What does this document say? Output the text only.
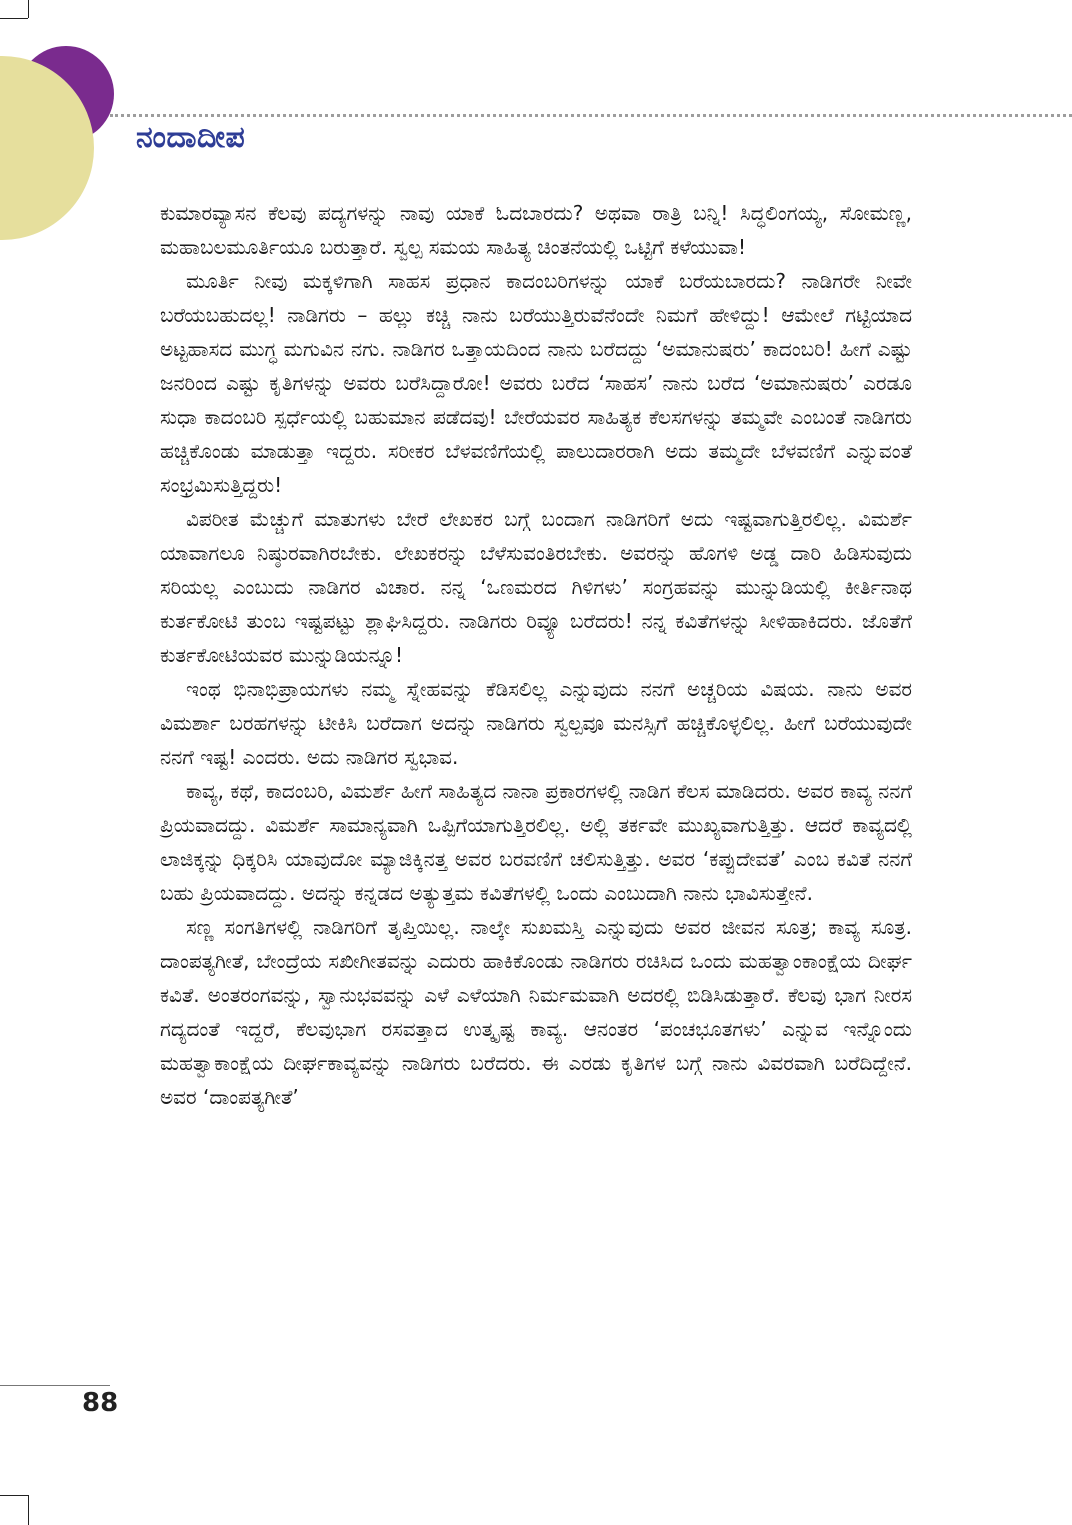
ನಂದಾದೀಪ

ಕುಮಾರವ್ಯಾಸನ ಕೆಲವು ಪದ್ಯಗಳನ್ನು ನಾವು ಯಾಕೆ ಓದಬಾರದು? ಅಥವಾ ರಾತ್ರಿ ಬನ್ನಿ! ಸಿದ್ಧಲಿಂಗಯ್ಯ, ಸೋಮಣ್ಣ, ಮಹಾಬಲಮೂರ್ತಿಯೂ ಬರುತ್ತಾರೆ. ಸ್ವಲ್ಪ ಸಮಯ ಸಾಹಿತ್ಯ ಚಿಂತನೆಯಲ್ಲಿ ಒಟ್ಟಿಗೆ ಕಳೆಯುವಾ!

ಮೂರ್ತಿ ನೀವು ಮಕ್ಕಳಿಗಾಗಿ ಸಾಹಸ ಪ್ರಧಾನ ಕಾದಂಬರಿಗಳನ್ನು ಯಾಕೆ ಬರೆಯಬಾರದು? ನಾಡಿಗರೇ ನೀವೇ ಬರೆಯಬಹುದಲ್ಲ! ನಾಡಿಗರು – ಹಲ್ಲು ಕಚ್ಚಿ ನಾನು ಬರೆಯುತ್ತಿರುವೆನೆಂದೇ ನಿಮಗೆ ಹೇಳಿದ್ದು! ಆಮೇಲೆ ಗಟ್ಟಿಯಾದ ಅಟ್ಟಹಾಸದ ಮುಗ್ಧ ಮಗುವಿನ ನಗು. ನಾಡಿಗರ ಒತ್ತಾಯದಿಂದ ನಾನು ಬರೆದದ್ದು ‘ಅಮಾನುಷರು’ ಕಾದಂಬರಿ! ಹೀಗೆ ಎಷ್ಟು ಜನರಿಂದ ಎಷ್ಟು ಕೃತಿಗಳನ್ನು ಅವರು ಬರೆಸಿದ್ದಾರೋ! ಅವರು ಬರೆದ ‘ಸಾಹಸ’ ನಾನು ಬರೆದ ‘ಅಮಾನುಷರು’ ಎರಡೂ ಸುಧಾ ಕಾದಂಬರಿ ಸ್ಪರ್ಧೆಯಲ್ಲಿ ಬಹುಮಾನ ಪಡೆದವು! ಬೇರೆಯವರ ಸಾಹಿತ್ಯಕ ಕೆಲಸಗಳನ್ನು ತಮ್ಮವೇ ಎಂಬಂತೆ ನಾಡಿಗರು ಹಚ್ಚಿಕೊಂಡು ಮಾಡುತ್ತಾ ಇದ್ದರು. ಸರೀಕರ ಬೆಳವಣಿಗೆಯಲ್ಲಿ ಪಾಲುದಾರರಾಗಿ ಅದು ತಮ್ಮದೇ ಬೆಳವಣಿಗೆ ಎನ್ನುವಂತೆ ಸಂಭ್ರಮಿಸುತ್ತಿದ್ದರು!

ವಿಪರೀತ ಮೆಚ್ಚುಗೆ ಮಾತುಗಳು ಬೇರೆ ಲೇಖಕರ ಬಗ್ಗೆ ಬಂದಾಗ ನಾಡಿಗರಿಗೆ ಅದು ಇಷ್ಟವಾಗುತ್ತಿರಲಿಲ್ಲ. ವಿಮರ್ಶೆ ಯಾವಾಗಲೂ ನಿಷ್ಠುರವಾಗಿರಬೇಕು. ಲೇಖಕರನ್ನು ಬೆಳೆಸುವಂತಿರಬೇಕು. ಅವರನ್ನು ಹೊಗಳಿ ಅಡ್ಡ ದಾರಿ ಹಿಡಿಸುವುದು ಸರಿಯಲ್ಲ ಎಂಬುದು ನಾಡಿಗರ ವಿಚಾರ. ನನ್ನ ‘ಒಣಮರದ ಗಿಳಿಗಳು’ ಸಂಗ್ರಹವನ್ನು ಮುನ್ನುಡಿಯಲ್ಲಿ ಕೀರ್ತಿನಾಥ ಕುರ್ತಕೋಟಿ ತುಂಬ ಇಷ್ಟಪಟ್ಟು ಶ್ಲಾಘಿಸಿದ್ದರು. ನಾಡಿಗರು ರಿವ್ಯೂ ಬರೆದರು! ನನ್ನ ಕವಿತೆಗಳನ್ನು ಸೀಳಿಹಾಕಿದರು. ಜೊತೆಗೆ ಕುರ್ತಕೋಟಿಯವರ ಮುನ್ನುಡಿಯನ್ನೂ!

ಇಂಥ ಭಿನಾಭಿಪ್ರಾಯಗಳು ನಮ್ಮ ಸ್ನೇಹವನ್ನು ಕೆಡಿಸಲಿಲ್ಲ ಎನ್ನುವುದು ನನಗೆ ಅಚ್ಚರಿಯ ವಿಷಯ. ನಾನು ಅವರ ವಿಮರ್ಶಾ ಬರಹಗಳನ್ನು ಟೀಕಿಸಿ ಬರೆದಾಗ ಅದನ್ನು ನಾಡಿಗರು ಸ್ವಲ್ಪವೂ ಮನಸ್ಸಿಗೆ ಹಚ್ಚಿಕೊಳ್ಳಲಿಲ್ಲ. ಹೀಗೆ ಬರೆಯುವುದೇ ನನಗೆ ಇಷ್ಟ! ಎಂದರು. ಅದು ನಾಡಿಗರ ಸ್ವಭಾವ.

ಕಾವ್ಯ, ಕಥೆ, ಕಾದಂಬರಿ, ವಿಮರ್ಶೆ ಹೀಗೆ ಸಾಹಿತ್ಯದ ನಾನಾ ಪ್ರಕಾರಗಳಲ್ಲಿ ನಾಡಿಗ ಕೆಲಸ ಮಾಡಿದರು. ಅವರ ಕಾವ್ಯ ನನಗೆ ಪ್ರಿಯವಾದದ್ದು. ವಿಮರ್ಶೆ ಸಾಮಾನ್ಯವಾಗಿ ಒಪ್ಪಿಗೆಯಾಗುತ್ತಿರಲಿಲ್ಲ. ಅಲ್ಲಿ ತರ್ಕವೇ ಮುಖ್ಯವಾಗುತ್ತಿತ್ತು. ಆದರೆ ಕಾವ್ಯದಲ್ಲಿ ಲಾಜಿಕ್ಕನ್ನು ಧಿಕ್ಕರಿಸಿ ಯಾವುದೋ ಮ್ಯಾಜಿಕ್ಕಿನತ್ತ ಅವರ ಬರವಣಿಗೆ ಚಲಿಸುತ್ತಿತ್ತು. ಅವರ ‘ಕಪ್ಪುದೇವತೆ’ ಎಂಬ ಕವಿತೆ ನನಗೆ ಬಹು ಪ್ರಿಯವಾದದ್ದು. ಅದನ್ನು ಕನ್ನಡದ ಅತ್ಯುತ್ತಮ ಕವಿತೆಗಳಲ್ಲಿ ಒಂದು ಎಂಬುದಾಗಿ ನಾನು ಭಾವಿಸುತ್ತೇನೆ.

ಸಣ್ಣ ಸಂಗತಿಗಳಲ್ಲಿ ನಾಡಿಗರಿಗೆ ತೃಪ್ತಿಯಿಲ್ಲ. ನಾಲ್ಕೇ ಸುಖಮಸ್ತಿ ಎನ್ನುವುದು ಅವರ ಜೀವನ ಸೂತ್ರ; ಕಾವ್ಯ ಸೂತ್ರ. ದಾಂಪತ್ಯಗೀತೆ, ಬೇಂದ್ರೆಯ ಸಖೀಗೀತವನ್ನು ಎದುರು ಹಾಕಿಕೊಂಡು ನಾಡಿಗರು ರಚಿಸಿದ ಒಂದು ಮಹತ್ವಾಂಕಾಂಕ್ಷೆಯ ದೀರ್ಘ ಕವಿತೆ. ಅಂತರಂಗವನ್ನು, ಸ್ವಾನುಭವವನ್ನು ಎಳೆ ಎಳೆಯಾಗಿ ನಿರ್ಮಮವಾಗಿ ಅದರಲ್ಲಿ ಬಿಡಿಸಿಡುತ್ತಾರೆ. ಕೆಲವು ಭಾಗ ನೀರಸ ಗದ್ಯದಂತೆ ಇದ್ದರೆ, ಕೆಲವುಭಾಗ ರಸವತ್ತಾದ ಉತ್ಕೃಷ್ಟ ಕಾವ್ಯ. ಆನಂತರ ‘ಪಂಚಭೂತಗಳು’ ಎನ್ನುವ ಇನ್ನೊಂದು ಮಹತ್ವಾಕಾಂಕ್ಷೆಯ ದೀರ್ಘಕಾವ್ಯವನ್ನು ನಾಡಿಗರು ಬರೆದರು. ಈ ಎರಡು ಕೃತಿಗಳ ಬಗ್ಗೆ ನಾನು ವಿವರವಾಗಿ ಬರೆದಿದ್ದೇನೆ. ಅವರ ‘ದಾಂಪತ್ಯಗೀತೆ’

88
